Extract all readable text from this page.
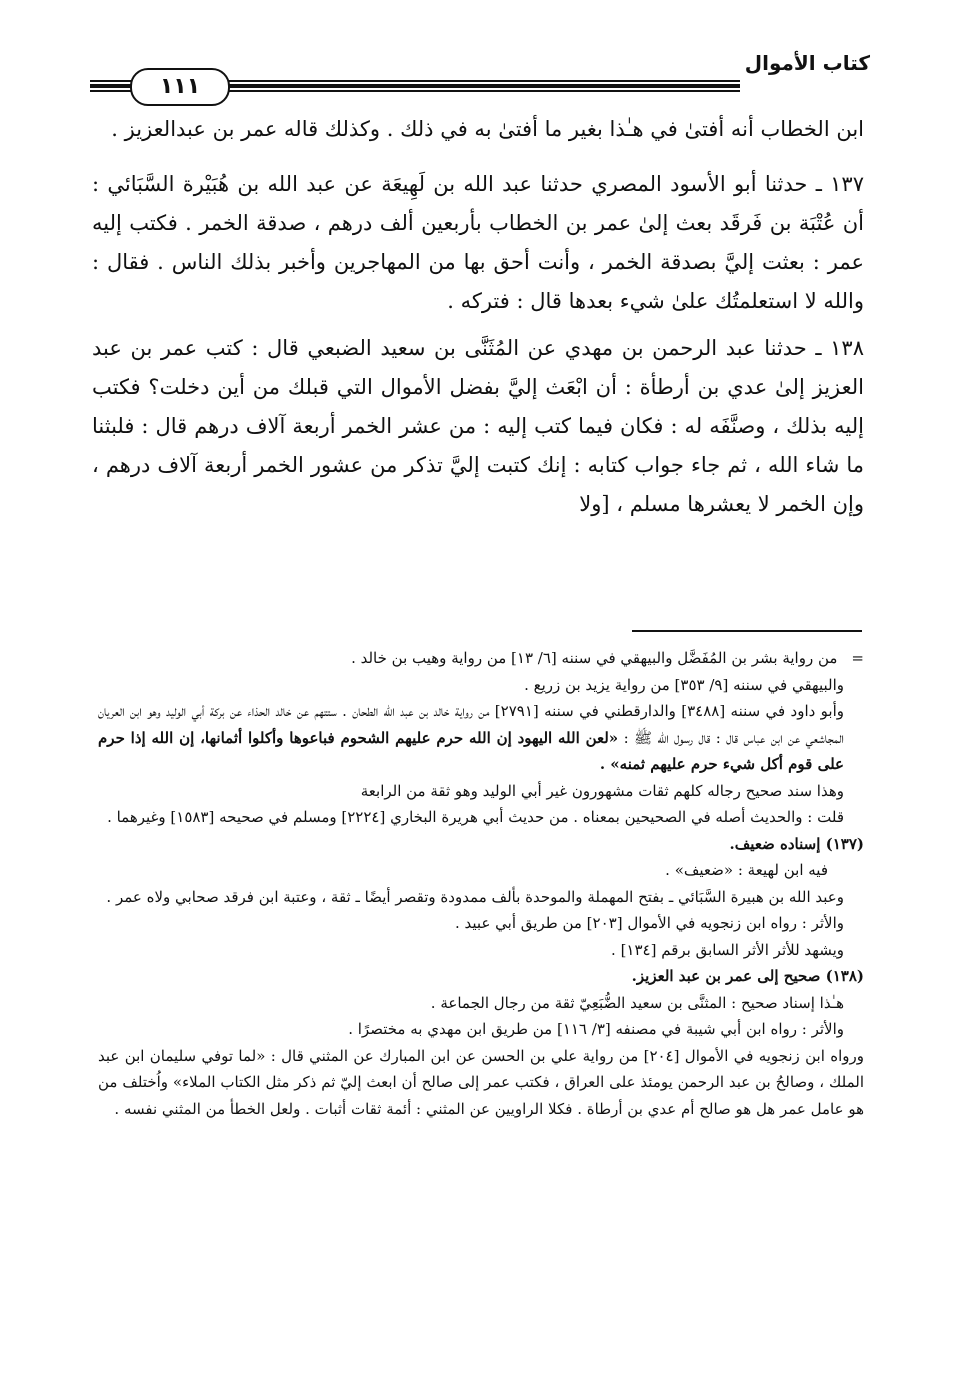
كتاب الأموال
١١١

ابن الخطاب أنه أفتىٰ في هـٰذا بغير ما أفتىٰ به في ذلك . وكذلك قاله عمر بن عبدالعزيز .

١٣٧ ـ حدثنا أبو الأسود المصري حدثنا عبد الله بن لَهِيعَة عن عبد الله بن هُبَيْرة السَّبَائي : أن عُتْبَة بن فَرقَد بعث إلىٰ عمر بن الخطاب بأربعين ألف درهم ، صدقة الخمر . فكتب إليه عمر : بعثت إليَّ بصدقة الخمر ، وأنت أحق بها من المهاجرين وأخبر بذلك الناس . فقال : والله لا استعلمتُك علىٰ شيء بعدها قال : فتركه .

١٣٨ ـ حدثنا عبد الرحمن بن مهدي عن المُثَنَّى بن سعيد الضبعي قال : كتب عمر بن عبد العزيز إلىٰ عدي بن أرطأة : أن ابْعَث إليَّ بفضل الأموال التي قبلك من أين دخلت؟ فكتب إليه بذلك ، وصنَّفَه له : فكان فيما كتب إليه : من عشر الخمر أربعة آلاف درهم قال : فلبثنا ما شاء الله ، ثم جاء جواب كتابه : إنك كتبت إليَّ تذكر من عشور الخمر أربعة آلاف درهم ، وإن الخمر لا يعشرها مسلم ، [ولا

=من رواية بشر بن المُفَضَّل والبيهقي في سننه [٦/ ١٣] من رواية وهيب بن خالد .

والبيهقي في سننه [٩/ ٣٥٣] من رواية يزيد بن زريع .

وأبو داود في سننه [٣٤٨٨] والدارقطني في سننه [٢٧٩١] من رواية خالد بن عبد الله الطحان . ستتهم عن خالد الحذاء عن بركة أبي الوليد وهو ابن العريان المجاشعي عن ابن عباس قال : قال رسول الله ﷺ : «لعن الله اليهود إن الله حرم عليهم الشحوم فباعوها وأكلوا أثمانها، إن الله إذا حرم على قوم أكل شيء حرم عليهم ثمنه» .

وهذا سند صحيح رجاله كلهم ثقات مشهورون غير أبي الوليد وهو ثقة من الرابعة

قلت : والحديث أصله في الصحيحين بمعناه . من حديث أبي هريرة البخاري [٢٢٢٤] ومسلم في صحيحه [١٥٨٣] وغيرهما .

(١٣٧) إسناده ضعيف.

فيه ابن لهيعة : «ضعيف» .

وعبد الله بن هبيرة السَّبَائي ـ بفتح المهملة والموحدة بألف ممدودة وتقصر أيضًا ـ ثقة ، وعتبة ابن فرقد صحابي ولاه عمر .

والأثر : رواه ابن زنجويه في الأموال [٢٠٣] من طريق أبي عبيد .

ويشهد للأثر الأثر السابق برقم [١٣٤] .

(١٣٨) صحيح إلى عمر بن عبد العزيز.

هـٰذا إسناد صحيح : المثنَّى بن سعيد الضُّبَعِيّ ثقة من رجال الجماعة .

والأثر : رواه ابن أبي شيبة في مصنفه [٣/ ١١٦] من طريق ابن مهدي به مختصرًا .

ورواه ابن زنجويه في الأموال [٢٠٤] من رواية علي بن الحسن عن ابن المبارك عن المثني قال : «لما توفي سليمان ابن عبد الملك ، وصالحُ بن عبد الرحمن يومئذ على العراق ، فكتب عمر إلى صالح أن ابعث إليّ ثم ذكر مثل الكتاب الملاء» واُختلف من هو عامل عمر هل هو صالح أم عدي بن أرطاة . فكلا الراويين عن المثني : أئمة ثقات أثبات . ولعل الخطأ من المثني نفسه .
